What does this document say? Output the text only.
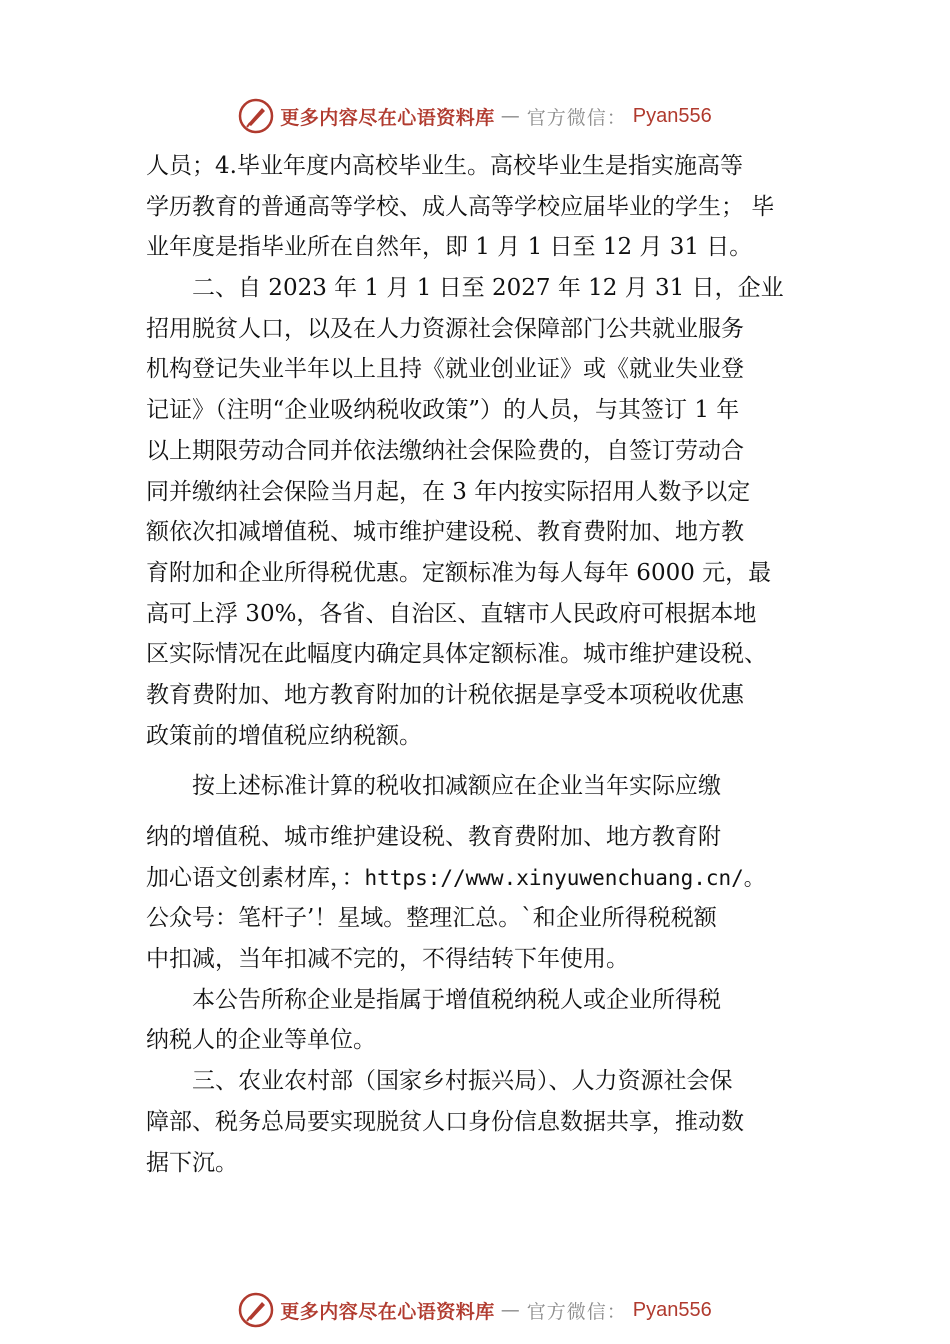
更多内容尽在心语资料库 — 官方微信： Pyan556
人员；4.毕业年度内高校毕业生。高校毕业生是指实施高等
学历教育的普通高等学校、成人高等学校应届毕业的学生； 毕
业年度是指毕业所在自然年，即 1 月 1 日至 12 月 31 日。
二、自 2023 年 1 月 1 日至 2027 年 12 月 31 日，企业
招用脱贫人口，以及在人力资源社会保障部门公共就业服务
机构登记失业半年以上且持《就业创业证》或《就业失业登
记证》（注明“企业吸纳税收政策”）的人员，与其签订 1 年
以上期限劳动合同并依法缴纳社会保险费的，自签订劳动合
同并缴纳社会保险当月起，在 3 年内按实际招用人数予以定
额依次扣减增值税、城市维护建设税、教育费附加、地方教
育附加和企业所得税优惠。定额标准为每人每年 6000 元，最
高可上浮 30%，各省、自治区、直辖市人民政府可根据本地
区实际情况在此幅度内确定具体定额标准。城市维护建设税、
教育费附加、地方教育附加的计税依据是享受本项税收优惠
政策前的增值税应纳税额。
按上述标准计算的税收扣减额应在企业当年实际应缴
纳的增值税、城市维护建设税、教育费附加、地方教育附
加心语文创素材库，：https://www.xinyuwenchuang.cn/。
公众号：笔杆子’！星域。整理汇总。`和企业所得税税额
中扣减，当年扣减不完的，不得结转下年使用。
本公告所称企业是指属于增值税纳税人或企业所得税
纳税人的企业等单位。
三、农业农村部（国家乡村振兴局）、人力资源社会保
障部、税务总局要实现脱贫人口身份信息数据共享，推动数
据下沉。
更多内容尽在心语资料库 — 官方微信： Pyan556
